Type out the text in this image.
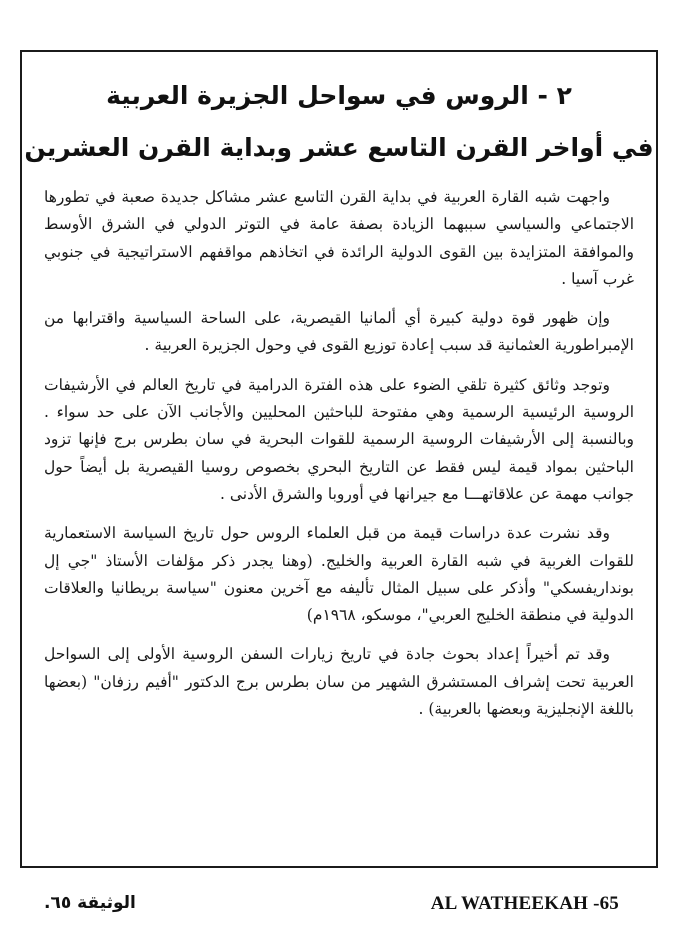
٢ - الروس في سواحل الجزيرة العربية
في أواخر القرن التاسع عشر وبداية القرن العشرين

واجهت شبه القارة العربية في بداية القرن التاسع عشر مشاكل جديدة صعبة في تطورها الاجتماعي والسياسي سببهما الزيادة بصفة عامة في التوتر الدولي في الشرق الأوسط والموافقة المتزايدة بين القوى الدولية الرائدة في اتخاذهم مواقفهم الاستراتيجية في جنوبي غرب آسيا .

وإن ظهور قوة دولية كبيرة أي ألمانيا القيصرية، على الساحة السياسية واقترابها من الإمبراطورية العثمانية قد سبب إعادة توزيع القوى في وحول الجزيرة العربية .

وتوجد وثائق كثيرة تلقي الضوء على هذه الفترة الدرامية في تاريخ العالم في الأرشيفات الروسية الرئيسية الرسمية وهي مفتوحة للباحثين المحليين والأجانب الآن على حد سواء . وبالنسبة إلى الأرشيفات الروسية الرسمية للقوات البحرية في سان بطرس برج فإنها تزود الباحثين بمواد قيمة ليس فقط عن التاريخ البحري بخصوص روسيا القيصرية بل أيضاً حول جوانب مهمة عن علاقاتهـــا مع جيرانها في أوروبا والشرق الأدنى .

وقد نشرت عدة دراسات قيمة من قبل العلماء الروس حول تاريخ السياسة الاستعمارية للقوات الغربية في شبه القارة العربية والخليج. (وهنا يجدر ذكر مؤلفات الأستاذ "جي إل بونداريفسكي" وأذكر على سبيل المثال تأليفه مع آخرين معنون "سياسة بريطانيا والعلاقات الدولية في منطقة الخليج العربي"، موسكو، ١٩٦٨م)

وقد تم أخيراً إعداد بحوث جادة في تاريخ زيارات السفن الروسية الأولى إلى السواحل العربية تحت إشراف المستشرق الشهير من سان بطرس برج الدكتور "أفيم رزفان" (بعضها باللغة الإنجليزية وبعضها بالعربية) .

AL WATHEEKAH -65
الوثيقة ٦٥.
